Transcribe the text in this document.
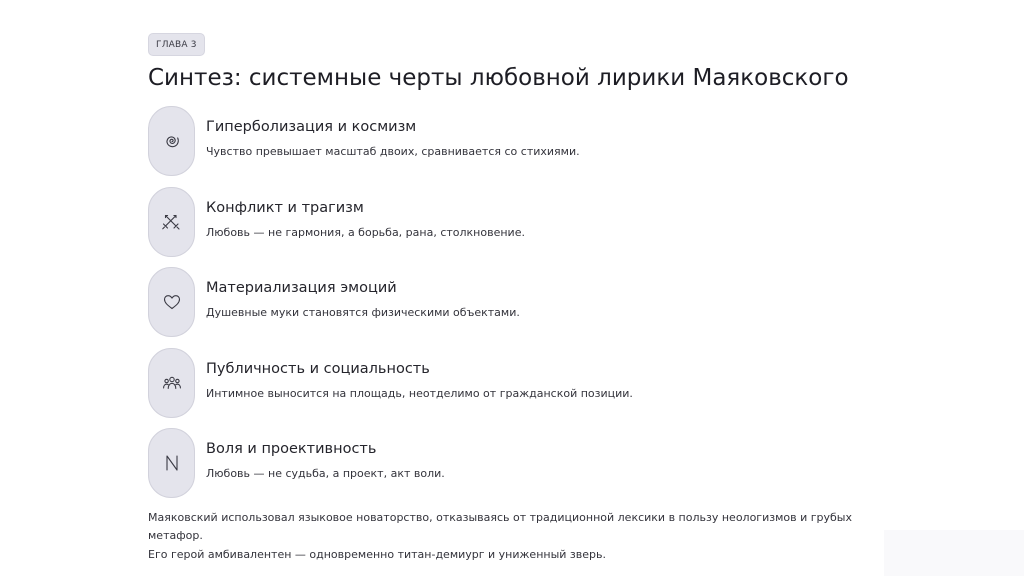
ГЛАВА 3
Синтез: системные черты любовной лирики Маяковского
Гиперболизация и космизм
Чувство превышает масштаб двоих, сравнивается со стихиями.
Конфликт и трагизм
Любовь — не гармония, а борьба, рана, столкновение.
Материализация эмоций
Душевные муки становятся физическими объектами.
Публичность и социальность
Интимное выносится на площадь, неотделимо от гражданской позиции.
Воля и проективность
Любовь — не судьба, а проект, акт воли.
Маяковский использовал языковое новаторство, отказываясь от традиционной лексики в пользу неологизмов и грубых метафор.
Его герой амбивалентен — одновременно титан-демиург и униженный зверь.
